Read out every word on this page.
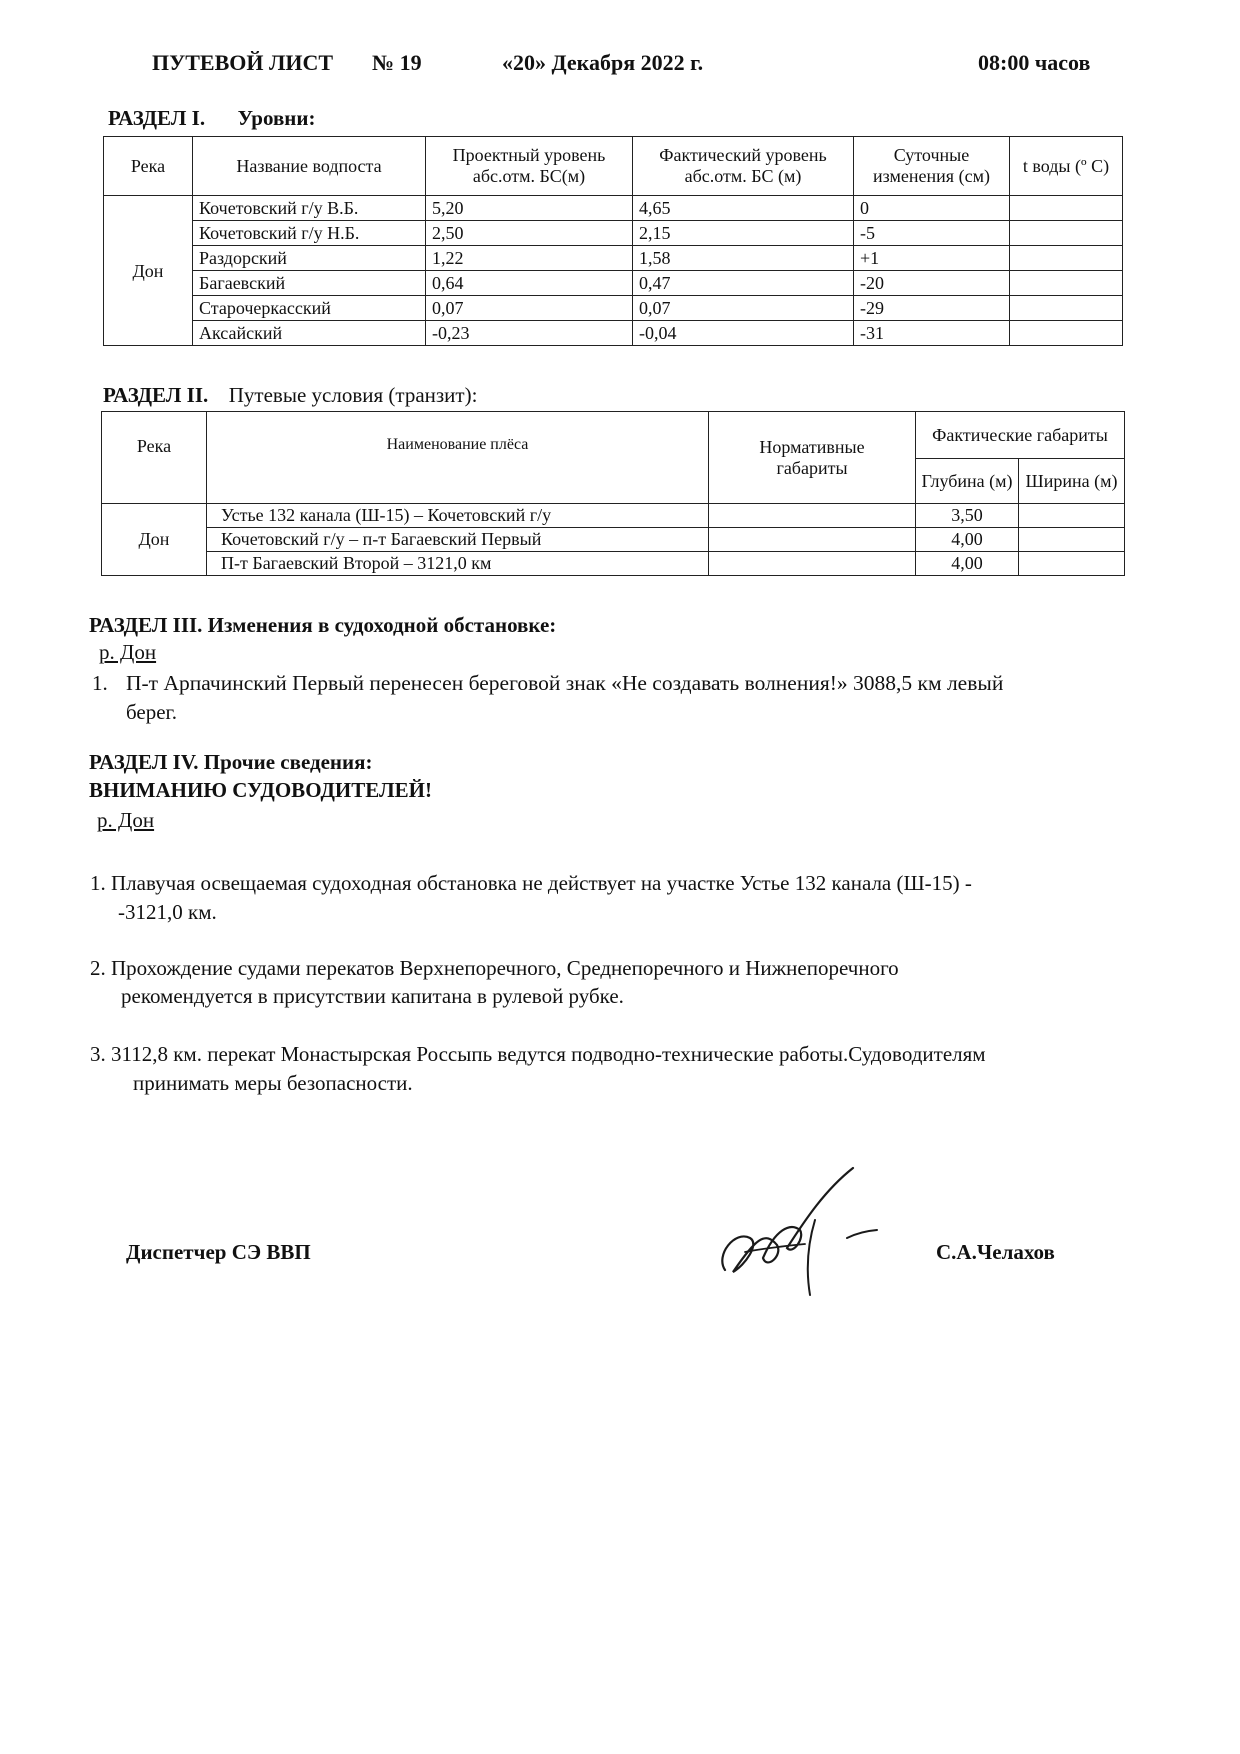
ПУТЕВОЙ ЛИСТ № 19	«20» Декабря 2022 г.	08:00 часов
РАЗДЕЛ I. Уровни:
Река	Название водпоста	Проектный уровень абс.отм. БС(м)	Фактический уровень абс.отм. БС (м)	Суточные изменения (см)	t воды (º С)
Дон	Кочетовский г/у В.Б.	5,20	4,65	0	
	Кочетовский г/у Н.Б.	2,50	2,15	-5	
	Раздорский	1,22	1,58	+1	
	Багаевский	0,64	0,47	-20	
	Старочеркасский	0,07	0,07	-29	
	Аксайский	-0,23	-0,04	-31	
РАЗДЕЛ II. Путевые условия (транзит):
Река	Наименование плёса	Нормативные габариты	Фактические габариты	
			Глубина (м)	Ширина (м)
Дон	Устье 132 канала (Ш-15) – Кочетовский г/у		3,50	
	Кочетовский г/у – п-т Багаевский Первый		4,00	
	П-т Багаевский Второй – 3121,0 км		4,00	
РАЗДЕЛ III. Изменения в судоходной обстановке:
р. Дон
1. П-т Арпачинский Первый перенесен береговой знак «Не создавать волнения!» 3088,5 км левый
берег.
РАЗДЕЛ IV. Прочие сведения:
ВНИМАНИЮ СУДОВОДИТЕЛЕЙ!
р. Дон
1. Плавучая освещаемая судоходная обстановка не действует на участке Устье 132 канала (Ш-15) -
-3121,0 км.
2. Прохождение судами перекатов Верхнепоречного, Среднепоречного и Нижнепоречного
рекомендуется в присутствии капитана в рулевой рубке.
3. 3112,8 км. перекат Монастырская Россыпь ведутся подводно-технические работы.Судоводителям
принимать меры безопасности.
Диспетчер СЭ ВВП	С.А.Челахов
